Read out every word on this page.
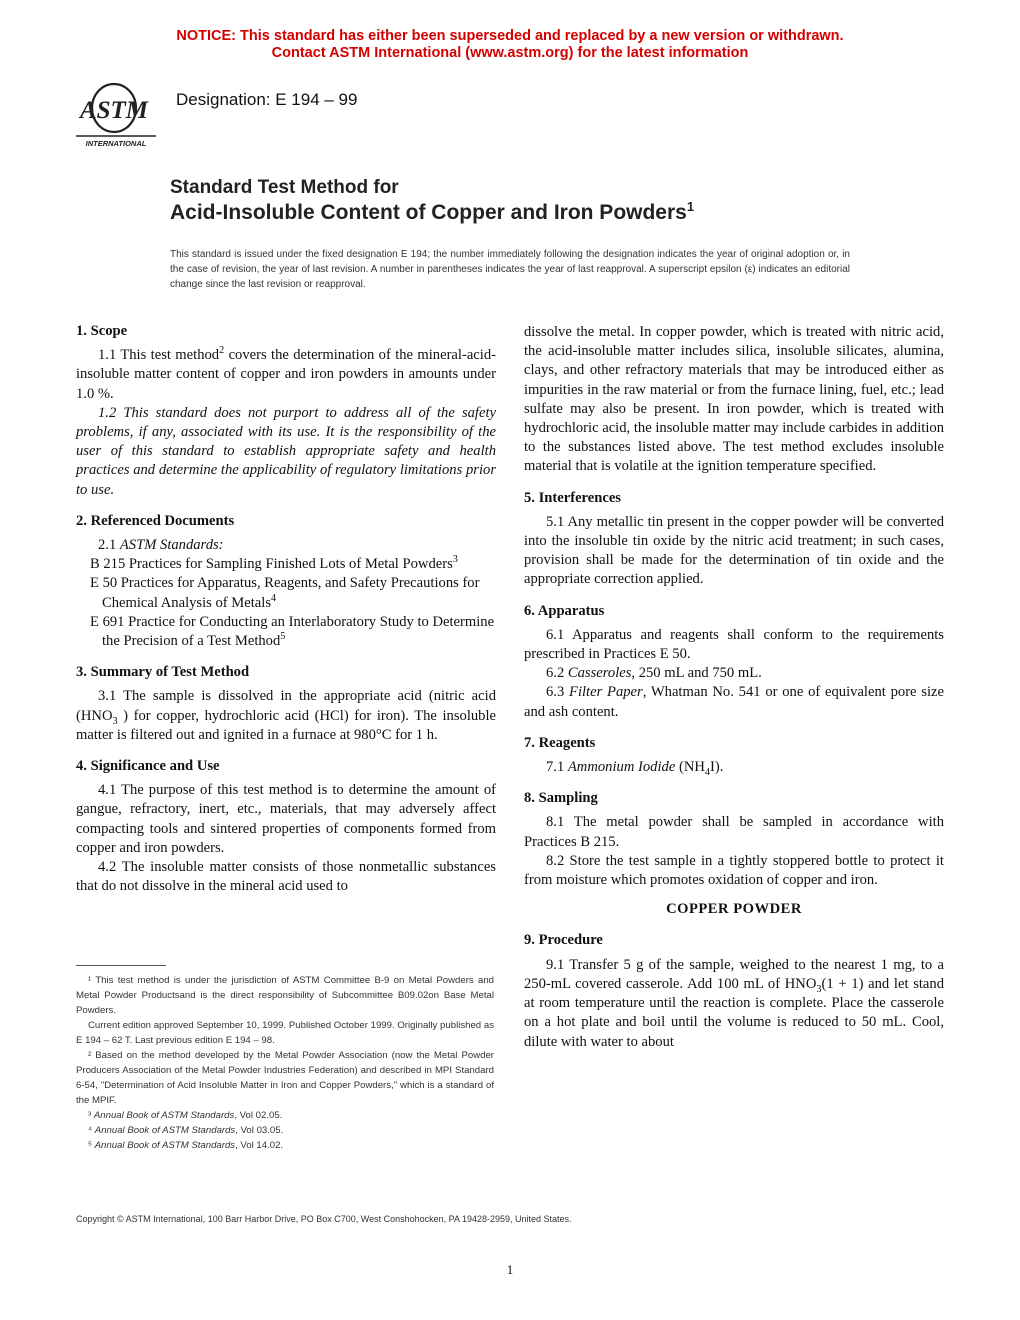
NOTICE: This standard has either been superseded and replaced by a new version or withdrawn.
Contact ASTM International (www.astm.org) for the latest information
ASTM
INTERNATIONAL
Designation: E 194 – 99
Standard Test Method for
Acid-Insoluble Content of Copper and Iron Powders$^1$
This standard is issued under the fixed designation E 194; the number immediately following the designation indicates the year of original adoption or, in the case of revision, the year of last revision. A number in parentheses indicates the year of last reapproval. A superscript epsilon (ε) indicates an editorial change since the last revision or reapproval.
1. Scope

1.1 This test method$^2$ covers the determination of the mineral-acid-insoluble matter content of copper and iron powders in amounts under 1.0 %.

1.2 This standard does not purport to address all of the safety problems, if any, associated with its use. It is the responsibility of the user of this standard to establish appropriate safety and health practices and determine the applicability of regulatory limitations prior to use.

2. Referenced Documents

2.1 ASTM Standards:

B 215 Practices for Sampling Finished Lots of Metal Powders$^3$

E 50 Practices for Apparatus, Reagents, and Safety Precautions for Chemical Analysis of Metals$^4$

E 691 Practice for Conducting an Interlaboratory Study to Determine the Precision of a Test Method$^5$

3. Summary of Test Method

3.1 The sample is dissolved in the appropriate acid (nitric acid ($HNO_3$ ) for copper, hydrochloric acid (HCl) for iron). The insoluble matter is filtered out and ignited in a furnace at 980°C for 1 h.

4. Significance and Use

4.1 The purpose of this test method is to determine the amount of gangue, refractory, inert, etc., materials, that may adversely affect compacting tools and sintered properties of components formed from copper and iron powders.

4.2 The insoluble matter consists of those nonmetallic substances that do not dissolve in the mineral acid used to

¹ This test method is under the jurisdiction of ASTM Committee B-9 on Metal Powders and Metal Powder Productsand is the direct responsibility of Subcommittee B09.02on Base Metal Powders.

Current edition approved September 10, 1999. Published October 1999. Originally published as E 194 – 62 T. Last previous edition E 194 – 98.

² Based on the method developed by the Metal Powder Association (now the Metal Powder Producers Association of the Metal Powder Industries Federation) and described in MPI Standard 6-54, "Determination of Acid Insoluble Matter in Iron and Copper Powders," which is a standard of the MPIF.

³ Annual Book of ASTM Standards, Vol 02.05.

⁴ Annual Book of ASTM Standards, Vol 03.05.

⁵ Annual Book of ASTM Standards, Vol 14.02.

dissolve the metal. In copper powder, which is treated with nitric acid, the acid-insoluble matter includes silica, insoluble silicates, alumina, clays, and other refractory materials that may be introduced either as impurities in the raw material or from the furnace lining, fuel, etc.; lead sulfate may also be present. In iron powder, which is treated with hydrochloric acid, the insoluble matter may include carbides in addition to the substances listed above. The test method excludes insoluble material that is volatile at the ignition temperature specified.

5. Interferences

5.1 Any metallic tin present in the copper powder will be converted into the insoluble tin oxide by the nitric acid treatment; in such cases, provision shall be made for the determination of tin oxide and the appropriate correction applied.

6. Apparatus

6.1 Apparatus and reagents shall conform to the requirements prescribed in Practices E 50.

6.2 Casseroles, 250 mL and 750 mL.

6.3 Filter Paper, Whatman No. 541 or one of equivalent pore size and ash content.

7. Reagents

7.1 Ammonium Iodide $(NH_4I)$.

8. Sampling

8.1 The metal powder shall be sampled in accordance with Practices B 215.

8.2 Store the test sample in a tightly stoppered bottle to protect it from moisture which promotes oxidation of copper and iron.

COPPER POWDER

9. Procedure

9.1 Transfer 5 g of the sample, weighed to the nearest 1 mg, to a 250-mL covered casserole. Add 100 mL of $HNO_3(1 + 1)$ and let stand at room temperature until the reaction is complete. Place the casserole on a hot plate and boil until the volume is reduced to 50 mL. Cool, dilute with water to about

Copyright © ASTM International, 100 Barr Harbor Drive, PO Box C700, West Conshohocken, PA 19428-2959, United States.
1
